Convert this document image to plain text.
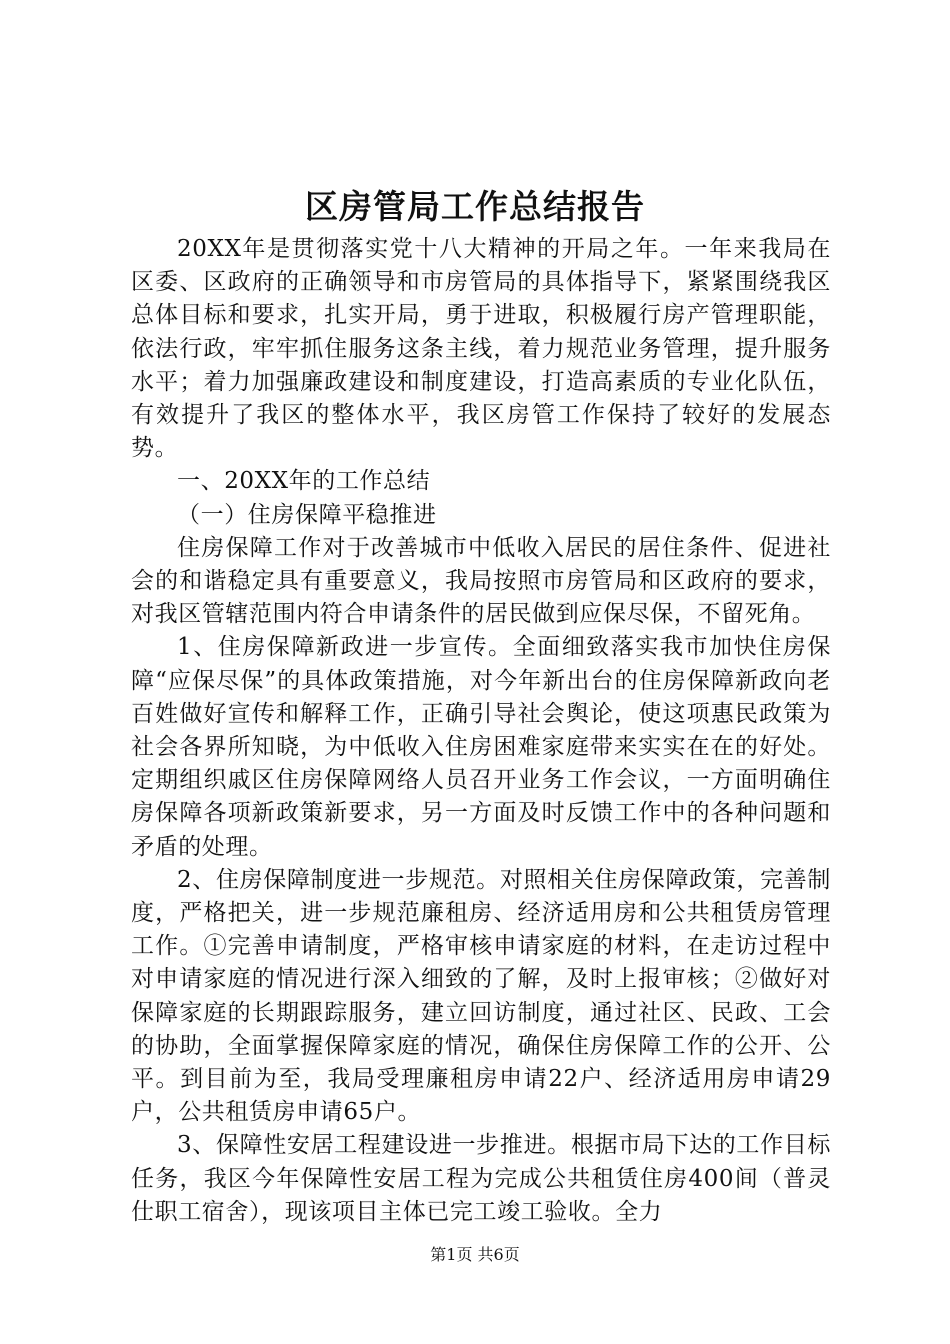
区房管局工作总结报告

20XX年是贯彻落实党十八大精神的开局之年。一年来我局在区委、区政府的正确领导和市房管局的具体指导下，紧紧围绕我区总体目标和要求，扎实开局，勇于进取，积极履行房产管理职能，依法行政，牢牢抓住服务这条主线，着力规范业务管理，提升服务水平；着力加强廉政建设和制度建设，打造高素质的专业化队伍，有效提升了我区的整体水平，我区房管工作保持了较好的发展态势。

一、20XX年的工作总结

（一）住房保障平稳推进

住房保障工作对于改善城市中低收入居民的居住条件、促进社会的和谐稳定具有重要意义，我局按照市房管局和区政府的要求，对我区管辖范围内符合申请条件的居民做到应保尽保，不留死角。

1、住房保障新政进一步宣传。全面细致落实我市加快住房保障“应保尽保”的具体政策措施，对今年新出台的住房保障新政向老百姓做好宣传和解释工作，正确引导社会舆论，使这项惠民政策为社会各界所知晓，为中低收入住房困难家庭带来实实在在的好处。定期组织戚区住房保障网络人员召开业务工作会议，一方面明确住房保障各项新政策新要求，另一方面及时反馈工作中的各种问题和矛盾的处理。

2、住房保障制度进一步规范。对照相关住房保障政策，完善制度，严格把关，进一步规范廉租房、经济适用房和公共租赁房管理工作。①完善申请制度，严格审核申请家庭的材料，在走访过程中对申请家庭的情况进行深入细致的了解，及时上报审核；②做好对保障家庭的长期跟踪服务，建立回访制度，通过社区、民政、工会的协助，全面掌握保障家庭的情况，确保住房保障工作的公开、公平。到目前为至，我局受理廉租房申请22户、经济适用房申请29户，公共租赁房申请65户。

3、保障性安居工程建设进一步推进。根据市局下达的工作目标任务，我区今年保障性安居工程为完成公共租赁住房400间（普灵仕职工宿舍），现该项目主体已完工竣工验收。全力

第1页 共6页
